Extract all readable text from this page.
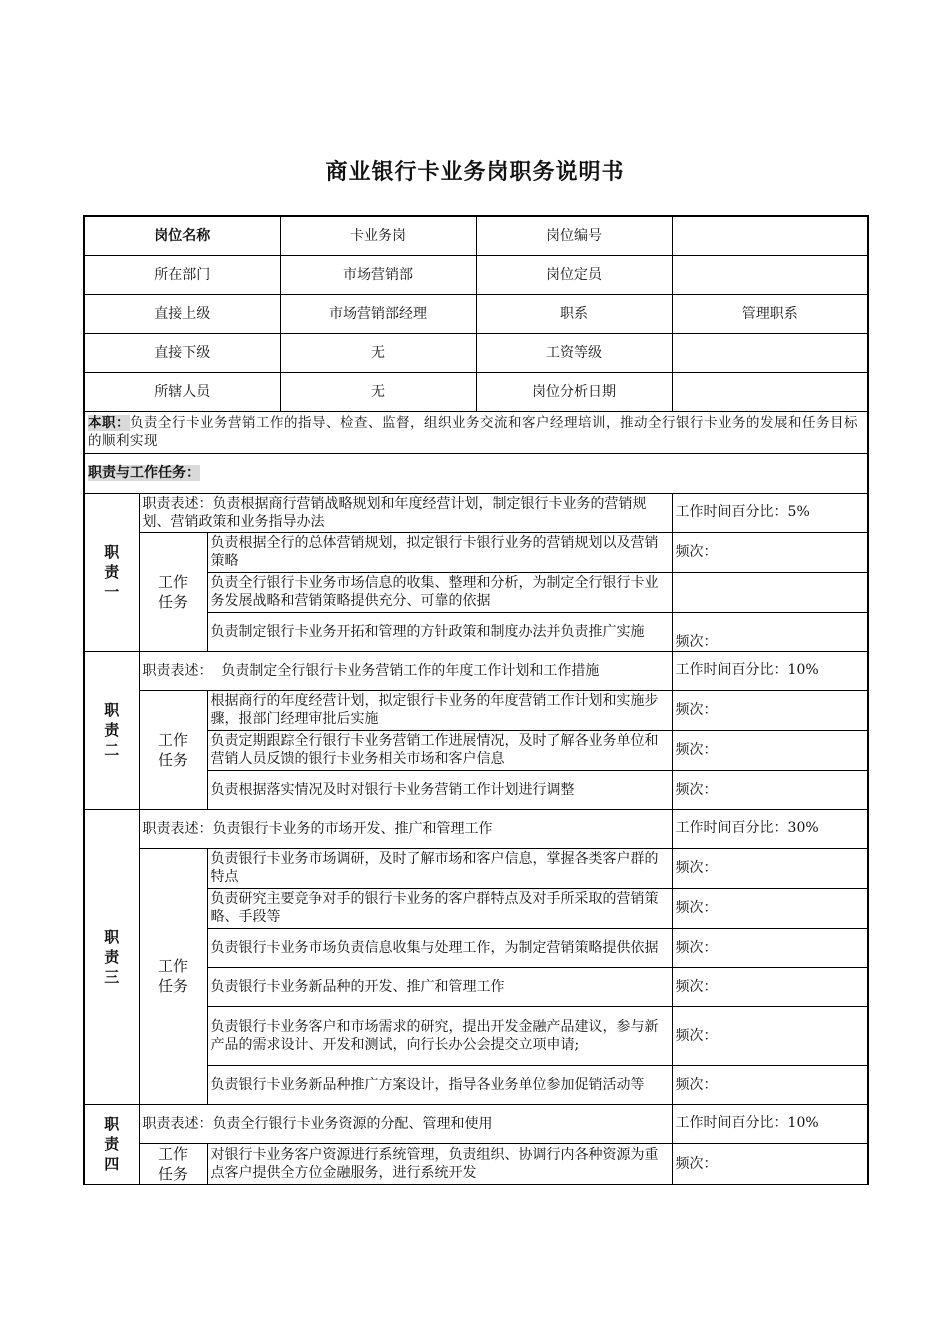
商业银行卡业务岗职务说明书
岗位名称			卡业务岗	岗位编号	
所在部门			市场营销部	岗位定员	
直接上级			市场营销部经理	职系	管理职系
直接下级			无	工资等级	
所辖人员			无	岗位分析日期	
本职：负责全行卡业务营销工作的指导、检查、监督，组织业务交流和客户经理培训，推动全行银行卡业务的发展和任务目标的顺利实现					
职责与工作任务：					
职责一	职责表述：负责根据商行营销战略规划和年度经营计划，制定银行卡业务的营销规划、营销政策和业务指导办法				工作时间百分比：5%
	工作任务	负责根据全行的总体营销规划，拟定银行卡银行业务的营销规划以及营销策略			频次：
		负责全行银行卡业务市场信息的收集、整理和分析，为制定全行银行卡业务发展战略和营销策略提供充分、可靠的依据			
		负责制定银行卡业务开拓和管理的方针政策和制度办法并负责推广实施			频次：
职责二	职责表述： 负责制定全行银行卡业务营销工作的年度工作计划和工作措施				工作时间百分比：10%
	工作任务	根据商行的年度经营计划，拟定银行卡业务的年度营销工作计划和实施步骤，报部门经理审批后实施			频次：
		负责定期跟踪全行银行卡业务营销工作进展情况，及时了解各业务单位和营销人员反馈的银行卡业务相关市场和客户信息			频次：
		负责根据落实情况及时对银行卡业务营销工作计划进行调整			频次：
职责三	职责表述：负责银行卡业务的市场开发、推广和管理工作				工作时间百分比：30%
	工作任务	负责银行卡业务市场调研，及时了解市场和客户信息，掌握各类客户群的特点			频次：
		负责研究主要竞争对手的银行卡业务的客户群特点及对手所采取的营销策略、手段等			频次：
		负责银行卡业务市场负责信息收集与处理工作，为制定营销策略提供依据			频次：
		负责银行卡业务新品种的开发、推广和管理工作			频次：
		负责银行卡业务客户和市场需求的研究，提出开发金融产品建议，参与新产品的需求设计、开发和测试，向行长办公会提交立项申请;			频次：
		负责银行卡业务新品种推广方案设计，指导各业务单位参加促销活动等			频次：
职责四	职责表述：负责全行银行卡业务资源的分配、管理和使用				工作时间百分比：10%
	工作任务	对银行卡业务客户资源进行系统管理，负责组织、协调行内各种资源为重点客户提供全方位金融服务，进行系统开发			频次：
